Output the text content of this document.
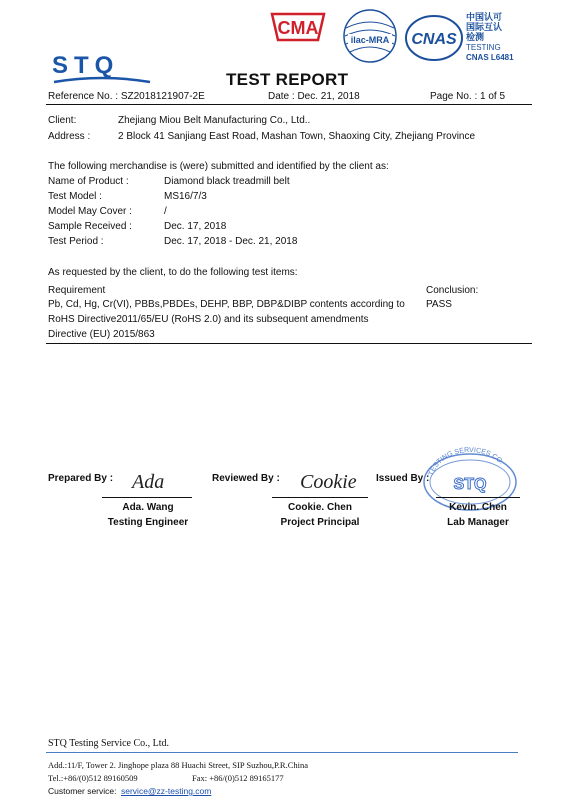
STQ
CMA
ilac-MRA CNAS
中国认可
国际互认
检测
TESTING
CNAS L6481
TEST REPORT
Reference No. : SZ2018121907-2E	Date : Dec. 21, 2018	Page No. : 1 of 5
Client:	Zhejiang Miou Belt Manufacturing Co., Ltd..
Address :	2 Block 41 Sanjiang East Road, Mashan Town, Shaoxing City, Zhejiang Province
The following merchandise is (were) submitted and identified by the client as:
Name of Product :	Diamond black treadmill belt
Test Model :	MS16/7/3
Model May Cover :	/
Sample Received :	Dec. 17, 2018
Test Period :	Dec. 17, 2018 - Dec. 21, 2018
As requested by the client, to do the following test items:
Requirement	Conclusion:
Pb, Cd, Hg, Cr(VI), PBBs,PBDEs, DEHP, BBP, DBP&DIBP contents according to PASS
RoHS Directive2011/65/EU (RoHS 2.0) and its subsequent amendments
Directive (EU) 2015/863
Prepared By :	Reviewed By :	Issued By :
Ada	Cookie	TESTING SERVICES CO.
STQ
Ada. Wang
Testing Engineer
Cookie. Chen
Project Principal
Kevin. Chen
Lab Manager
STQ Testing Service Co., Ltd.
Add.:11/F, Tower 2. Jinghope plaza 88 Huachi Street, SIP Suzhou,P.R.China
Tel.:+86/(0)512 89160509	Fax: +86/(0)512 89165177
Customer service: service@zz-testing.com
